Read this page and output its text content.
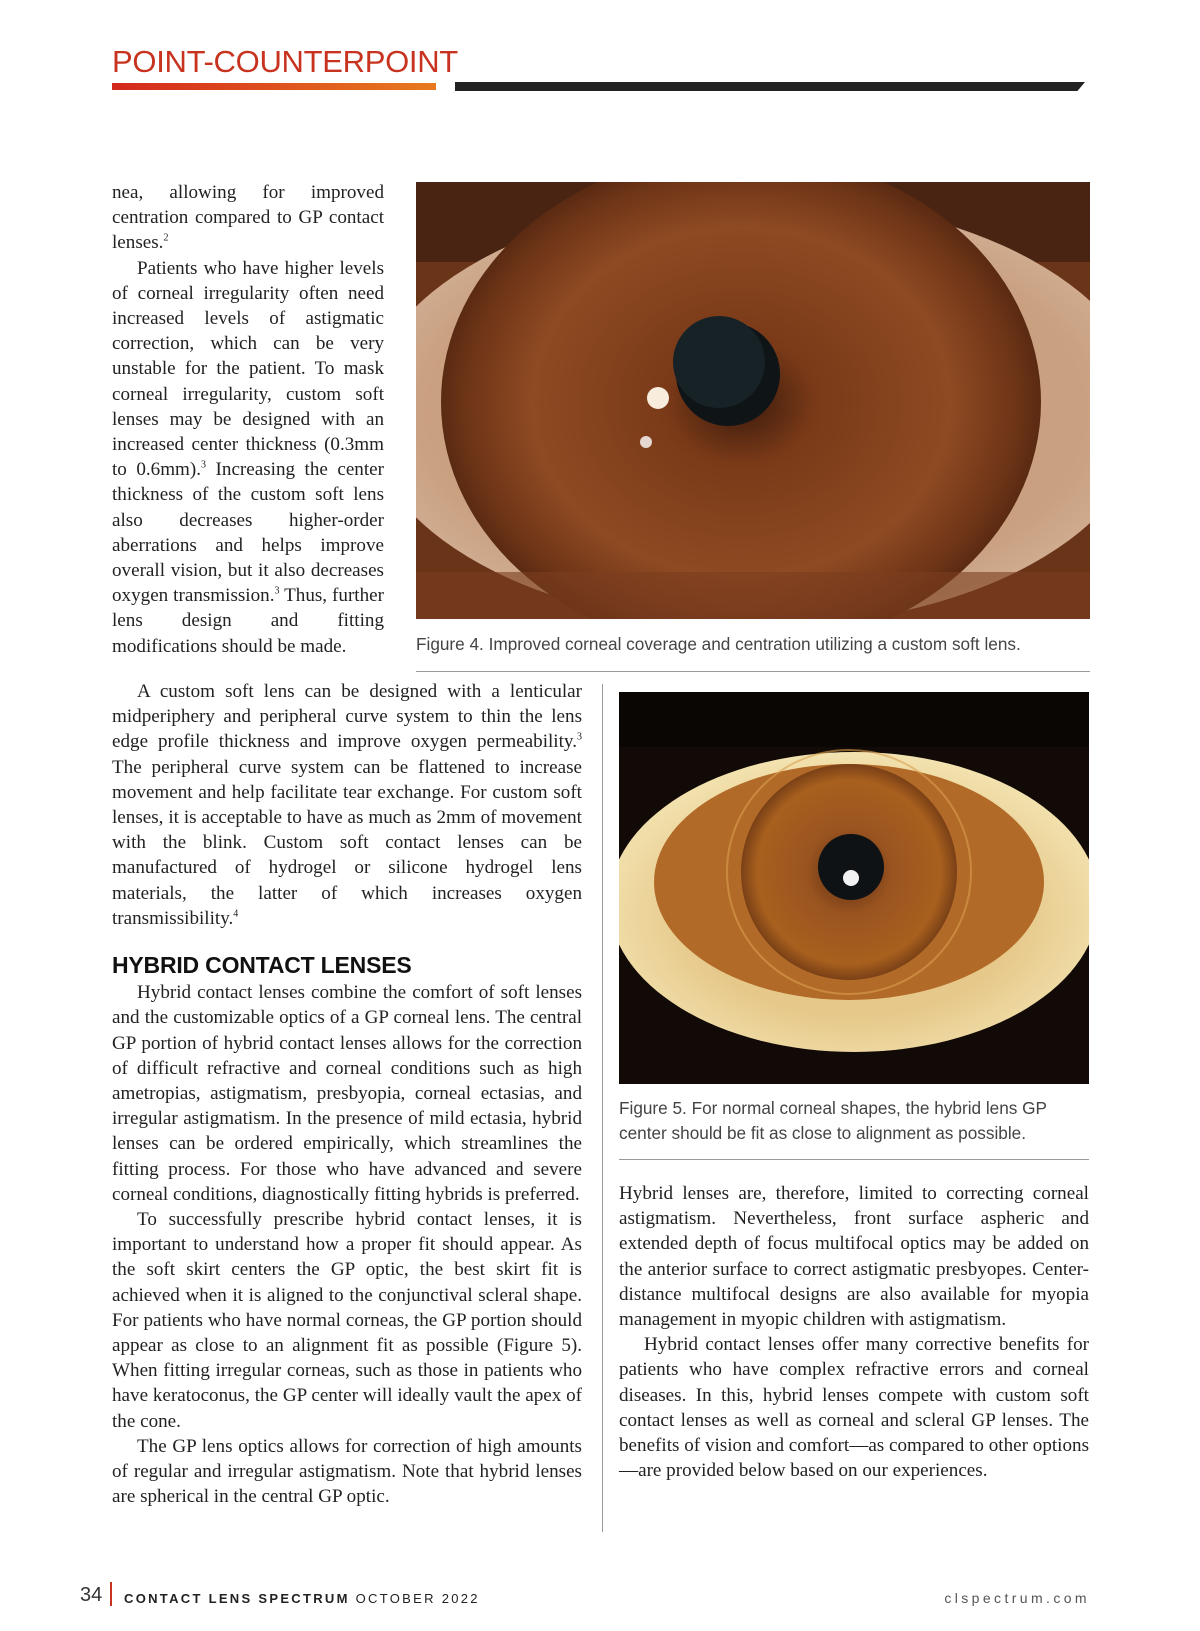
POINT-COUNTERPOINT

nea, allowing for improved centration compared to GP contact lenses.$^2$

Patients who have higher levels of corneal irregularity often need increased levels of astigmatic correction, which can be very unstable for the patient. To mask corneal irregularity, custom soft lenses may be designed with an increased center thickness (0.3mm to 0.6mm).$^3$ Increasing the center thickness of the custom soft lens also decreases higher-order aberrations and helps improve overall vision, but it also decreases oxygen transmission.$^3$ Thus, further lens design and fitting modifications should be made.	Figure 4. Improved corneal coverage and centration utilizing a custom soft lens.

A custom soft lens can be designed with a lenticular midperiphery and peripheral curve system to thin the lens edge profile thickness and improve oxygen permeability.$^3$ The peripheral curve system can be flattened to increase movement and help facilitate tear exchange. For custom soft lenses, it is acceptable to have as much as 2mm of movement with the blink. Custom soft contact lenses can be manufactured of hydrogel or silicone hydrogel lens materials, the latter of which increases oxygen transmissibility.$^4$

HYBRID CONTACT LENSES

Hybrid contact lenses combine the comfort of soft lenses and the customizable optics of a GP corneal lens. The central GP portion of hybrid contact lenses allows for the correction of difficult refractive and corneal conditions such as high ametropias, astigmatism, presbyopia, corneal ectasias, and irregular astigmatism. In the presence of mild ectasia, hybrid lenses can be ordered empirically, which streamlines the fitting process. For those who have advanced and severe corneal conditions, diagnostically fitting hybrids is preferred.

To successfully prescribe hybrid contact lenses, it is important to understand how a proper fit should appear. As the soft skirt centers the GP optic, the best skirt fit is achieved when it is aligned to the conjunctival scleral shape. For patients who have normal corneas, the GP portion should appear as close to an alignment fit as possible (Figure 5). When fitting irregular corneas, such as those in patients who have keratoconus, the GP center will ideally vault the apex of the cone.

The GP lens optics allows for correction of high amounts of regular and irregular astigmatism. Note that hybrid lenses are spherical in the central GP optic.

Figure 5. For normal corneal shapes, the hybrid lens GP center should be fit as close to alignment as possible.

Hybrid lenses are, therefore, limited to correcting corneal astigmatism. Nevertheless, front surface aspheric and extended depth of focus multifocal optics may be added on the anterior surface to correct astigmatic presbyopes. Center-distance multifocal designs are also available for myopia management in myopic children with astigmatism.

Hybrid contact lenses offer many corrective benefits for patients who have complex refractive errors and corneal diseases. In this, hybrid lenses compete with custom soft contact lenses as well as corneal and scleral GP lenses. The benefits of vision and comfort—as compared to other options—are provided below based on our experiences.

34 CONTACT LENS SPECTRUM OCTOBER 2022	clspectrum.com
